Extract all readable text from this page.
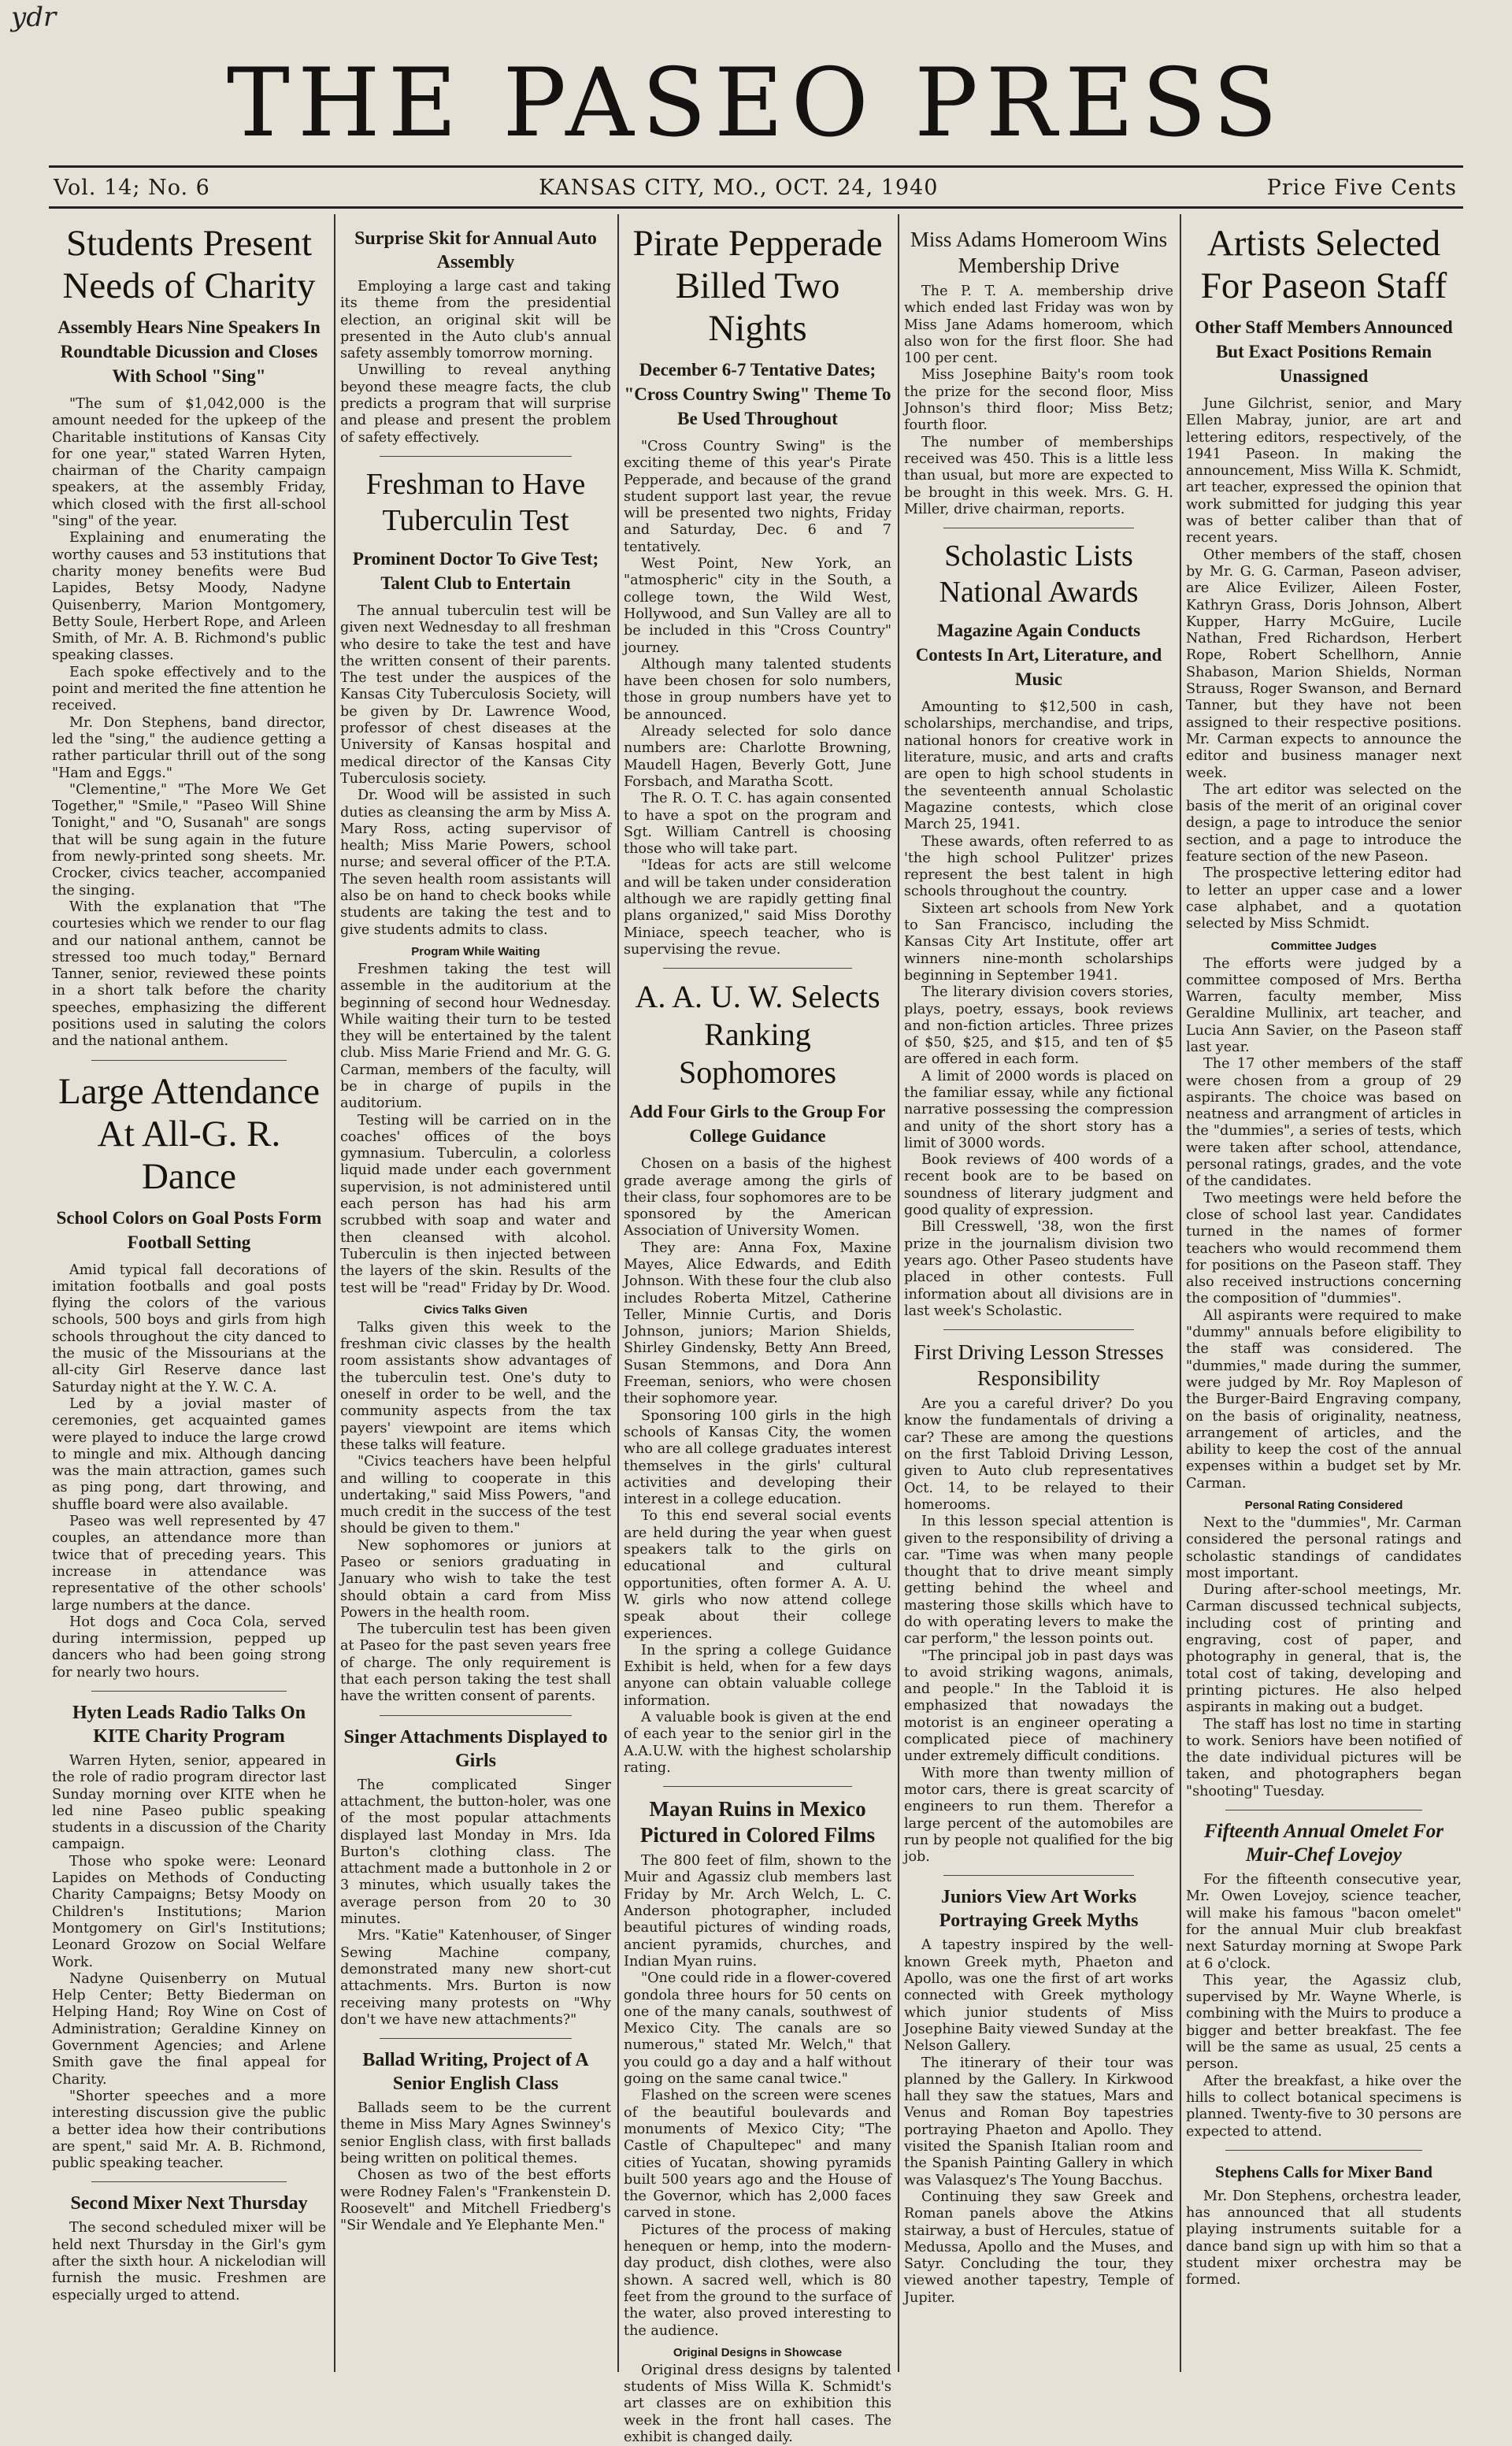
ydr
THE PASEO PRESS
Vol. 14; No. 6	KANSAS CITY, MO., OCT. 24, 1940	Price Five Cents
Students Present Needs of Charity
Assembly Hears Nine Speakers In Roundtable Dicussion and Closes With School "Sing"

"The sum of $1,042,000 is the amount needed for the upkeep of the Charitable institutions of Kansas City for one year," stated Warren Hyten, chairman of the Charity campaign speakers, at the assembly Friday, which closed with the first all-school "sing" of the year.

Explaining and enumerating the worthy causes and 53 institutions that charity money benefits were Bud Lapides, Betsy Moody, Nadyne Quisenberry, Marion Montgomery, Betty Soule, Herbert Rope, and Arleen Smith, of Mr. A. B. Richmond's public speaking classes.

Each spoke effectively and to the point and merited the fine attention he received.

Mr. Don Stephens, band director, led the "sing," the audience getting a rather particular thrill out of the song "Ham and Eggs."

"Clementine," "The More We Get Together," "Smile," "Paseo Will Shine Tonight," and "O, Susanah" are songs that will be sung again in the future from newly-printed song sheets. Mr. Crocker, civics teacher, accompanied the singing.

With the explanation that "The courtesies which we render to our flag and our national anthem, cannot be stressed too much today," Bernard Tanner, senior, reviewed these points in a short talk before the charity speeches, emphasizing the different positions used in saluting the colors and the national anthem.

Large Attendance At All-G. R. Dance
School Colors on Goal Posts Form Football Setting

Amid typical fall decorations of imitation footballs and goal posts flying the colors of the various schools, 500 boys and girls from high schools throughout the city danced to the music of the Missourians at the all-city Girl Reserve dance last Saturday night at the Y. W. C. A.

Led by a jovial master of ceremonies, get acquainted games were played to induce the large crowd to mingle and mix. Although dancing was the main attraction, games such as ping pong, dart throwing, and shuffle board were also available.

Paseo was well represented by 47 couples, an attendance more than twice that of preceding years. This increase in attendance was representative of the other schools' large numbers at the dance.

Hot dogs and Coca Cola, served during intermission, pepped up dancers who had been going strong for nearly two hours.

Hyten Leads Radio Talks On KITE Charity Program

Warren Hyten, senior, appeared in the role of radio program director last Sunday morning over KITE when he led nine Paseo public speaking students in a discussion of the Charity campaign.

Those who spoke were: Leonard Lapides on Methods of Conducting Charity Campaigns; Betsy Moody on Children's Institutions; Marion Montgomery on Girl's Institutions; Leonard Grozow on Social Welfare Work.

Nadyne Quisenberry on Mutual Help Center; Betty Biederman on Helping Hand; Roy Wine on Cost of Administration; Geraldine Kinney on Government Agencies; and Arlene Smith gave the final appeal for Charity.

"Shorter speeches and a more interesting discussion give the public a better idea how their contributions are spent," said Mr. A. B. Richmond, public speaking teacher.

Second Mixer Next Thursday

The second scheduled mixer will be held next Thursday in the Girl's gym after the sixth hour. A nickelodian will furnish the music. Freshmen are especially urged to attend.

Surprise Skit for Annual Auto Assembly

Employing a large cast and taking its theme from the presidential election, an original skit will be presented in the Auto club's annual safety assembly tomorrow morning.

Unwilling to reveal anything beyond these meagre facts, the club predicts a program that will surprise and please and present the problem of safety effectively.

Freshman to Have Tuberculin Test
Prominent Doctor To Give Test; Talent Club to Entertain

The annual tuberculin test will be given next Wednesday to all freshman who desire to take the test and have the written consent of their parents. The test under the auspices of the Kansas City Tuberculosis Society, will be given by Dr. Lawrence Wood, professor of chest diseases at the University of Kansas hospital and medical director of the Kansas City Tuberculosis society.

Dr. Wood will be assisted in such duties as cleansing the arm by Miss A. Mary Ross, acting supervisor of health; Miss Marie Powers, school nurse; and several officer of the P.T.A. The seven health room assistants will also be on hand to check books while students are taking the test and to give students admits to class.

Program While Waiting

Freshmen taking the test will assemble in the auditorium at the beginning of second hour Wednesday. While waiting their turn to be tested they will be entertained by the talent club. Miss Marie Friend and Mr. G. G. Carman, members of the faculty, will be in charge of pupils in the auditorium.

Testing will be carried on in the coaches' offices of the boys gymnasium. Tuberculin, a colorless liquid made under each government supervision, is not administered until each person has had his arm scrubbed with soap and water and then cleansed with alcohol. Tuberculin is then injected between the layers of the skin. Results of the test will be "read" Friday by Dr. Wood.

Civics Talks Given

Talks given this week to the freshman civic classes by the health room assistants show advantages of the tuberculin test. One's duty to oneself in order to be well, and the community aspects from the tax payers' viewpoint are items which these talks will feature.

"Civics teachers have been helpful and willing to cooperate in this undertaking," said Miss Powers, "and much credit in the success of the test should be given to them."

New sophomores or juniors at Paseo or seniors graduating in January who wish to take the test should obtain a card from Miss Powers in the health room.

The tuberculin test has been given at Paseo for the past seven years free of charge. The only requirement is that each person taking the test shall have the written consent of parents.

Singer Attachments Displayed to Girls

The complicated Singer attachment, the button-holer, was one of the most popular attachments displayed last Monday in Mrs. Ida Burton's clothing class. The attachment made a buttonhole in 2 or 3 minutes, which usually takes the average person from 20 to 30 minutes.

Mrs. "Katie" Katenhouser, of Singer Sewing Machine company, demonstrated many new short-cut attachments. Mrs. Burton is now receiving many protests on "Why don't we have new attachments?"

Ballad Writing, Project of A Senior English Class

Ballads seem to be the current theme in Miss Mary Agnes Swinney's senior English class, with first ballads being written on political themes.

Chosen as two of the best efforts were Rodney Falen's "Frankenstein D. Roosevelt" and Mitchell Friedberg's "Sir Wendale and Ye Elephante Men."

Pirate Pepperade Billed Two Nights
December 6-7 Tentative Dates; "Cross Country Swing" Theme To Be Used Throughout

"Cross Country Swing" is the exciting theme of this year's Pirate Pepperade, and because of the grand student support last year, the revue will be presented two nights, Friday and Saturday, Dec. 6 and 7 tentatively.

West Point, New York, an "atmospheric" city in the South, a college town, the Wild West, Hollywood, and Sun Valley are all to be included in this "Cross Country" journey.

Although many talented students have been chosen for solo numbers, those in group numbers have yet to be announced.

Already selected for solo dance numbers are: Charlotte Browning, Maudell Hagen, Beverly Gott, June Forsbach, and Maratha Scott.

The R. O. T. C. has again consented to have a spot on the program and Sgt. William Cantrell is choosing those who will take part.

"Ideas for acts are still welcome and will be taken under consideration although we are rapidly getting final plans organized," said Miss Dorothy Miniace, speech teacher, who is supervising the revue.

A. A. U. W. Selects Ranking Sophomores
Add Four Girls to the Group For College Guidance

Chosen on a basis of the highest grade average among the girls of their class, four sophomores are to be sponsored by the American Association of University Women.

They are: Anna Fox, Maxine Mayes, Alice Edwards, and Edith Johnson. With these four the club also includes Roberta Mitzel, Catherine Teller, Minnie Curtis, and Doris Johnson, juniors; Marion Shields, Shirley Gindensky, Betty Ann Breed, Susan Stemmons, and Dora Ann Freeman, seniors, who were chosen their sophomore year.

Sponsoring 100 girls in the high schools of Kansas City, the women who are all college graduates interest themselves in the girls' cultural activities and developing their interest in a college education.

To this end several social events are held during the year when guest speakers talk to the girls on educational and cultural opportunities, often former A. A. U. W. girls who now attend college speak about their college experiences.

In the spring a college Guidance Exhibit is held, when for a few days anyone can obtain valuable college information.

A valuable book is given at the end of each year to the senior girl in the A.A.U.W. with the highest scholarship rating.

Mayan Ruins in Mexico Pictured in Colored Films

The 800 feet of film, shown to the Muir and Agassiz club members last Friday by Mr. Arch Welch, L. C. Anderson photographer, included beautiful pictures of winding roads, ancient pyramids, churches, and Indian Myan ruins.

"One could ride in a flower-covered gondola three hours for 50 cents on one of the many canals, southwest of Mexico City. The canals are so numerous," stated Mr. Welch," that you could go a day and a half without going on the same canal twice."

Flashed on the screen were scenes of the beautiful boulevards and monuments of Mexico City; "The Castle of Chapultepec" and many cities of Yucatan, showing pyramids built 500 years ago and the House of the Governor, which has 2,000 faces carved in stone.

Pictures of the process of making henequen or hemp, into the modern-day product, dish clothes, were also shown. A sacred well, which is 80 feet from the ground to the surface of the water, also proved interesting to the audience.

Original Designs in Showcase

Original dress designs by talented students of Miss Willa K. Schmidt's art classes are on exhibition this week in the front hall cases. The exhibit is changed daily.

Miss Adams Homeroom Wins Membership Drive

The P. T. A. membership drive which ended last Friday was won by Miss Jane Adams homeroom, which also won for the first floor. She had 100 per cent.

Miss Josephine Baity's room took the prize for the second floor, Miss Johnson's third floor; Miss Betz; fourth floor.

The number of memberships received was 450. This is a little less than usual, but more are expected to be brought in this week. Mrs. G. H. Miller, drive chairman, reports.

Scholastic Lists National Awards
Magazine Again Conducts Contests In Art, Literature, and Music

Amounting to $12,500 in cash, scholarships, merchandise, and trips, national honors for creative work in literature, music, and arts and crafts are open to high school students in the seventeenth annual Scholastic Magazine contests, which close March 25, 1941.

These awards, often referred to as 'the high school Pulitzer' prizes represent the best talent in high schools throughout the country.

Sixteen art schools from New York to San Francisco, including the Kansas City Art Institute, offer art winners nine-month scholarships beginning in September 1941.

The literary division covers stories, plays, poetry, essays, book reviews and non-fiction articles. Three prizes of $50, $25, and $15, and ten of $5 are offered in each form.

A limit of 2000 words is placed on the familiar essay, while any fictional narrative possessing the compression and unity of the short story has a limit of 3000 words.

Book reviews of 400 words of a recent book are to be based on soundness of literary judgment and good quality of expression.

Bill Cresswell, '38, won the first prize in the journalism division two years ago. Other Paseo students have placed in other contests. Full information about all divisions are in last week's Scholastic.

First Driving Lesson Stresses Responsibility

Are you a careful driver? Do you know the fundamentals of driving a car? These are among the questions on the first Tabloid Driving Lesson, given to Auto club representatives Oct. 14, to be relayed to their homerooms.

In this lesson special attention is given to the responsibility of driving a car. "Time was when many people thought that to drive meant simply getting behind the wheel and mastering those skills which have to do with operating levers to make the car perform," the lesson points out.

"The principal job in past days was to avoid striking wagons, animals, and people." In the Tabloid it is emphasized that nowadays the motorist is an engineer operating a complicated piece of machinery under extremely difficult conditions.

With more than twenty million of motor cars, there is great scarcity of engineers to run them. Therefor a large percent of the automobiles are run by people not qualified for the big job.

Juniors View Art Works Portraying Greek Myths

A tapestry inspired by the well-known Greek myth, Phaeton and Apollo, was one the first of art works connected with Greek mythology which junior students of Miss Josephine Baity viewed Sunday at the Nelson Gallery.

The itinerary of their tour was planned by the Gallery. In Kirkwood hall they saw the statues, Mars and Venus and Roman Boy tapestries portraying Phaeton and Apollo. They visited the Spanish Italian room and the Spanish Painting Gallery in which was Valasquez's The Young Bacchus.

Continuing they saw Greek and Roman panels above the Atkins stairway, a bust of Hercules, statue of Medussa, Apollo and the Muses, and Satyr. Concluding the tour, they viewed another tapestry, Temple of Jupiter.

Artists Selected For Paseon Staff
Other Staff Members Announced But Exact Positions Remain Unassigned

June Gilchrist, senior, and Mary Ellen Mabray, junior, are art and lettering editors, respectively, of the 1941 Paseon. In making the announcement, Miss Willa K. Schmidt, art teacher, expressed the opinion that work submitted for judging this year was of better caliber than that of recent years.

Other members of the staff, chosen by Mr. G. G. Carman, Paseon adviser, are Alice Evilizer, Aileen Foster, Kathryn Grass, Doris Johnson, Albert Kupper, Harry McGuire, Lucile Nathan, Fred Richardson, Herbert Rope, Robert Schellhorn, Annie Shabason, Marion Shields, Norman Strauss, Roger Swanson, and Bernard Tanner, but they have not been assigned to their respective positions. Mr. Carman expects to announce the editor and business manager next week.

The art editor was selected on the basis of the merit of an original cover design, a page to introduce the senior section, and a page to introduce the feature section of the new Paseon.

The prospective lettering editor had to letter an upper case and a lower case alphabet, and a quotation selected by Miss Schmidt.

Committee Judges

The efforts were judged by a committee composed of Mrs. Bertha Warren, faculty member, Miss Geraldine Mullinix, art teacher, and Lucia Ann Savier, on the Paseon staff last year.

The 17 other members of the staff were chosen from a group of 29 aspirants. The choice was based on neatness and arrangment of articles in the "dummies", a series of tests, which were taken after school, attendance, personal ratings, grades, and the vote of the candidates.

Two meetings were held before the close of school last year. Candidates turned in the names of former teachers who would recommend them for positions on the Paseon staff. They also received instructions concerning the composition of "dummies".

All aspirants were required to make "dummy" annuals before eligibility to the staff was considered. The "dummies," made during the summer, were judged by Mr. Roy Mapleson of the Burger-Baird Engraving company, on the basis of originality, neatness, arrangement of articles, and the ability to keep the cost of the annual expenses within a budget set by Mr. Carman.

Personal Rating Considered

Next to the "dummies", Mr. Carman considered the personal ratings and scholastic standings of candidates most important.

During after-school meetings, Mr. Carman discussed technical subjects, including cost of printing and engraving, cost of paper, and photography in general, that is, the total cost of taking, developing and printing pictures. He also helped aspirants in making out a budget.

The staff has lost no time in starting to work. Seniors have been notified of the date individual pictures will be taken, and photographers began "shooting" Tuesday.

Fifteenth Annual Omelet For Muir-Chef Lovejoy

For the fifteenth consecutive year, Mr. Owen Lovejoy, science teacher, will make his famous "bacon omelet" for the annual Muir club breakfast next Saturday morning at Swope Park at 6 o'clock.

This year, the Agassiz club, supervised by Mr. Wayne Wherle, is combining with the Muirs to produce a bigger and better breakfast. The fee will be the same as usual, 25 cents a person.

After the breakfast, a hike over the hills to collect botanical specimens is planned. Twenty-five to 30 persons are expected to attend.

Stephens Calls for Mixer Band

Mr. Don Stephens, orchestra leader, has announced that all students playing instruments suitable for a dance band sign up with him so that a student mixer orchestra may be formed.
